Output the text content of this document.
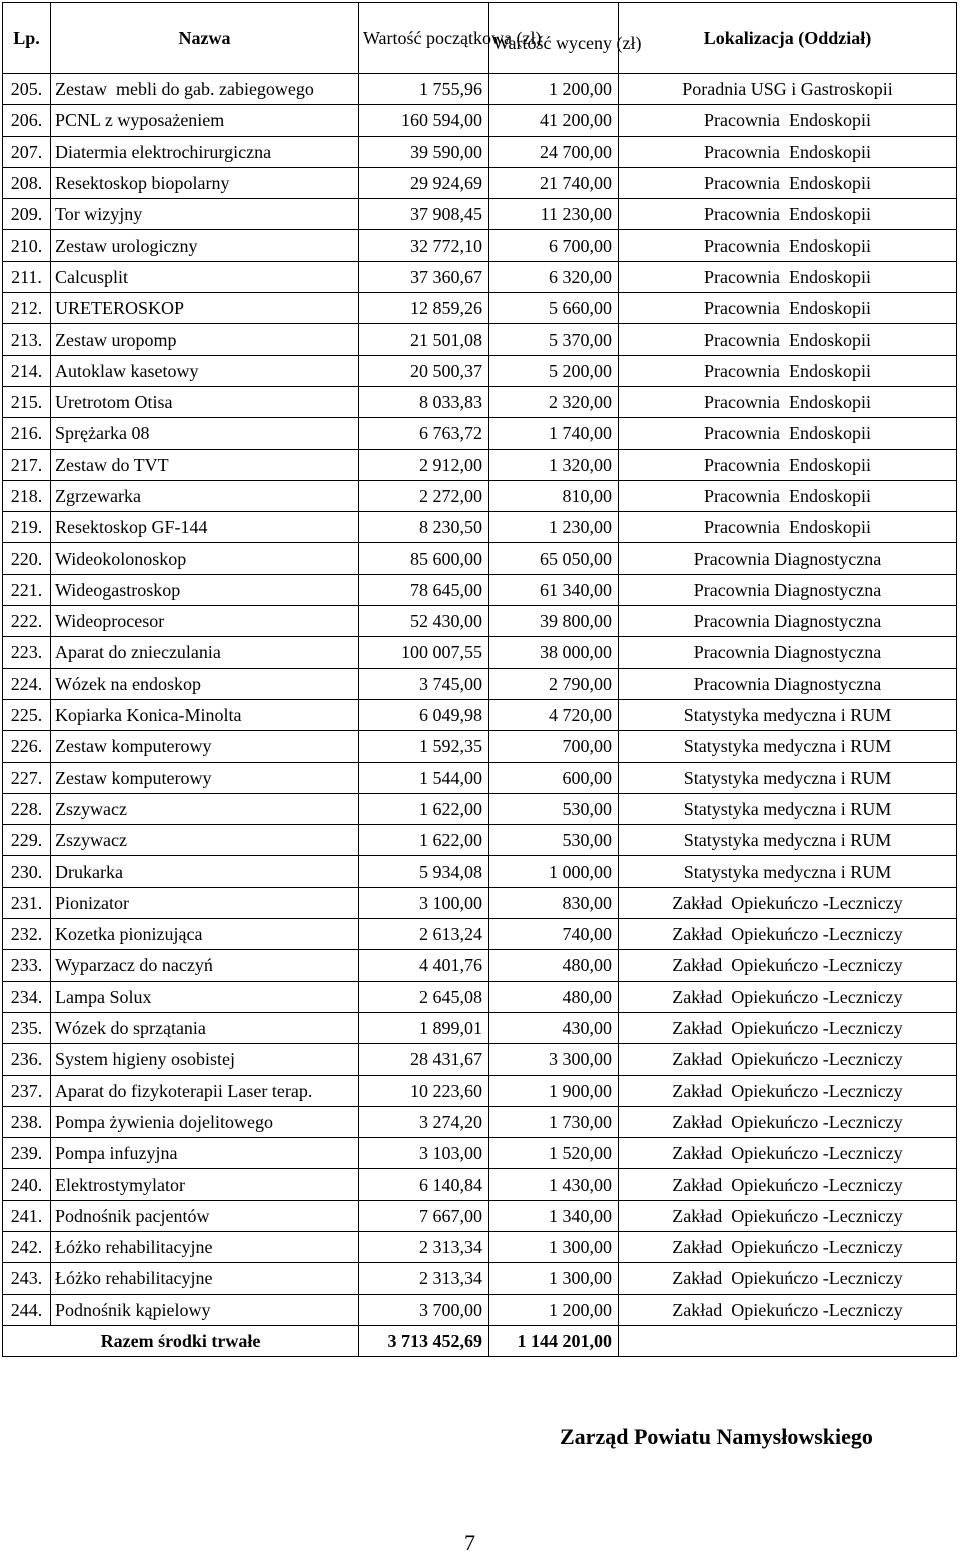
Lp.	Nazwa	Wartość początkowa (zł)	Wartość wyceny (zł)	Lokalizacja (Oddział)
205.	Zestaw  mebli do gab. zabiegowego	1 755,96	1 200,00	Poradnia USG i Gastroskopii
206.	PCNL z wyposażeniem	160 594,00	41 200,00	Pracownia  Endoskopii
207.	Diatermia elektrochirurgiczna	39 590,00	24 700,00	Pracownia  Endoskopii
208.	Resektoskop biopolarny	29 924,69	21 740,00	Pracownia  Endoskopii
209.	Tor wizyjny	37 908,45	11 230,00	Pracownia  Endoskopii
210.	Zestaw urologiczny	32 772,10	6 700,00	Pracownia  Endoskopii
211.	Calcusplit	37 360,67	6 320,00	Pracownia  Endoskopii
212.	URETEROSKOP	12 859,26	5 660,00	Pracownia  Endoskopii
213.	Zestaw uropomp	21 501,08	5 370,00	Pracownia  Endoskopii
214.	Autoklaw kasetowy	20 500,37	5 200,00	Pracownia  Endoskopii
215.	Uretrotom Otisa	8 033,83	2 320,00	Pracownia  Endoskopii
216.	Sprężarka 08	6 763,72	1 740,00	Pracownia  Endoskopii
217.	Zestaw do TVT	2 912,00	1 320,00	Pracownia  Endoskopii
218.	Zgrzewarka	2 272,00	810,00	Pracownia  Endoskopii
219.	Resektoskop GF-144	8 230,50	1 230,00	Pracownia  Endoskopii
220.	Wideokolonoskop	85 600,00	65 050,00	Pracownia Diagnostyczna
221.	Wideogastroskop	78 645,00	61 340,00	Pracownia Diagnostyczna
222.	Wideoprocesor	52 430,00	39 800,00	Pracownia Diagnostyczna
223.	Aparat do znieczulania	100 007,55	38 000,00	Pracownia Diagnostyczna
224.	Wózek na endoskop	3 745,00	2 790,00	Pracownia Diagnostyczna
225.	Kopiarka Konica-Minolta	6 049,98	4 720,00	Statystyka medyczna i RUM
226.	Zestaw komputerowy	1 592,35	700,00	Statystyka medyczna i RUM
227.	Zestaw komputerowy	1 544,00	600,00	Statystyka medyczna i RUM
228.	Zszywacz	1 622,00	530,00	Statystyka medyczna i RUM
229.	Zszywacz	1 622,00	530,00	Statystyka medyczna i RUM
230.	Drukarka	5 934,08	1 000,00	Statystyka medyczna i RUM
231.	Pionizator	3 100,00	830,00	Zakład  Opiekuńczo -Leczniczy
232.	Kozetka pionizująca	2 613,24	740,00	Zakład  Opiekuńczo -Leczniczy
233.	Wyparzacz do naczyń	4 401,76	480,00	Zakład  Opiekuńczo -Leczniczy
234.	Lampa Solux	2 645,08	480,00	Zakład  Opiekuńczo -Leczniczy
235.	Wózek do sprzątania	1 899,01	430,00	Zakład  Opiekuńczo -Leczniczy
236.	System higieny osobistej	28 431,67	3 300,00	Zakład  Opiekuńczo -Leczniczy
237.	Aparat do fizykoterapii Laser terap.	10 223,60	1 900,00	Zakład  Opiekuńczo -Leczniczy
238.	Pompa żywienia dojelitowego	3 274,20	1 730,00	Zakład  Opiekuńczo -Leczniczy
239.	Pompa infuzyjna	3 103,00	1 520,00	Zakład  Opiekuńczo -Leczniczy
240.	Elektrostymylator	6 140,84	1 430,00	Zakład  Opiekuńczo -Leczniczy
241.	Podnośnik pacjentów	7 667,00	1 340,00	Zakład  Opiekuńczo -Leczniczy
242.	Łóżko rehabilitacyjne	2 313,34	1 300,00	Zakład  Opiekuńczo -Leczniczy
243.	Łóżko rehabilitacyjne	2 313,34	1 300,00	Zakład  Opiekuńczo -Leczniczy
244.	Podnośnik kąpielowy	3 700,00	1 200,00	Zakład  Opiekuńczo -Leczniczy
Razem środki trwałe		3 713 452,69	1 144 201,00	
Zarząd Powiatu Namysłowskiego
7
